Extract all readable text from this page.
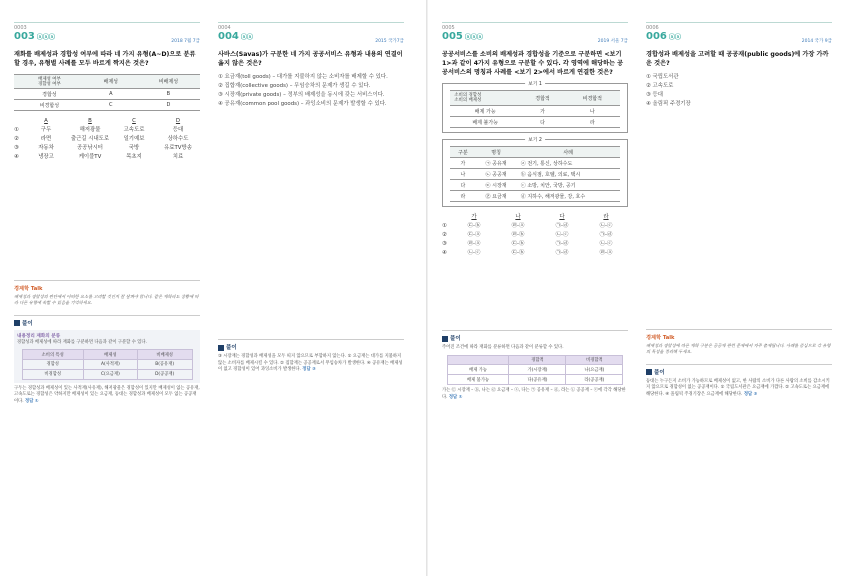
0003
003 ⓐⓐⓐ
2018 7월 7급
재화를 배제성과 경합성 여부에 따라 네 가지 유형(A~D)으로 분류할 경우, 유형별 사례를 모두 바르게 짝지은 것은?
배제성 여부
경합성 여부	배제성	비배제성
경합성	A	B
비경합성	C	D
A	B	C	D
①	구두	해저광물	고속도로	등대
②	라면	출근길 시내도로	일기예보	상하수도
③	자동차	공공낚시터	국방	유료TV방송
④	냉장고	케이블TV	목초지	치료
경제학 Talk
배제성과 경합성의 판단에서 어떠한 요소를 고려할 것인지 잘 살펴야 합니다. 같은 재화라도 상황에 따라 다른 유형에 속할 수 있음을 기억하세요.
풀이
내용정리 재화의 분류
경합성과 배제성에 따라 재화를 구분하면 다음과 같이 구분할 수 있다.
소비의 특성	배제성	비배제성
경합성	A(사적재)	B(공유재)
비경합성	C(요금재)	D(공공재)
구두는 경합성과 배제성이 있는 사적재(사유재), 해저광물은 경합성이 있지만 배제성이 없는 공유재, 고속도로는 경합성은 약하지만 배제성이 있는 요금재, 등대는 경합성과 배제성이 모두 없는 공공재이다. 정답 ①
0004
004 ⓐⓐ
2015 국가7급
사바스(Savas)가 구분한 네 가지 공공서비스 유형과 내용의 연결이 옳지 않은 것은?
① 요금재(toll goods) – 대가를 지불하지 않는 소비자를 배제할 수 있다.
② 집합재(collective goods) – 무임승차의 문제가 생길 수 있다.
③ 시장재(private goods) – 정부의 배제성을 동시에 갖는 서비스이다.
④ 공유재(common pool goods) – 과잉소비의 문제가 발생할 수 있다.
풀이
③ 시장재는 경합성과 배제성을 모두 띠지 않으므로 부합하지 않는다. ① 요금재는 대가를 지불하지 않는 소비자를 배제시킬 수 있다. ② 집합재는 공공재로서 무임승차가 발생한다. ④ 공유재는 배제성이 없고 경합성이 있어 과잉소비가 발생한다. 정답 ③
0005
005 ⓐⓐⓐ
2019 서울 7급
공공서비스를 소비의 배제성과 경합성을 기준으로 구분하면 <보기 1>과 같이 4가지 유형으로 구분할 수 있다. 각 영역에 해당하는 공공서비스의 명칭과 사례를 <보기 2>에서 바르게 연결한 것은?
보기 1
소비의 경합성
소비의 배제성	경합적	비경합적
배제 가능	가	나
배제 불가능	다	라
보기 2
구분	명칭	사례
가	㉠ 공유재	ⓐ 전기, 통신, 상하수도
나	㉡ 공공재	ⓑ 음식점, 호텔, 의료, 택시
다	㉢ 시장재	ⓒ 소방, 치안, 국방, 공기
라	㉣ 요금재	ⓓ 지하수, 해저광물, 강, 호수
가	나	다	라
①	㉢-ⓑ	㉣-ⓐ	㉠-ⓓ	㉡-ⓒ
②	㉢-ⓐ	㉣-ⓑ	㉡-ⓒ	㉠-ⓓ
③	㉣-ⓐ	㉢-ⓑ	㉠-ⓓ	㉡-ⓒ
④	㉡-ⓒ	㉢-ⓑ	㉠-ⓓ	㉣-ⓐ
풀이
주어진 조건에 따라 재화를 분류하면 다음과 같이 분류할 수 있다.
	경합적	비경합적
배제 가능	가(시장재)	나(요금재)
배제 불가능	다(공유재)	라(공공재)
가는 ㉢ 시장재 – ⓑ, 나는 ㉣ 요금재 – ⓐ, 다는 ㉠ 공유재 – ⓓ, 라는 ㉡ 공공재 – ⓒ에 각각 해당한다. 정답 ①
0006
006 ⓐⓐ
2014 국가 9급
경합성과 배제성을 고려할 때 공공재(public goods)에 가장 가까운 것은?
① 국립도서관
② 고속도로
③ 등대
④ 올림픽 주경기장
경제학 Talk
배제성과 경합성에 따른 재화 구분은 공공재 관련 문제에서 자주 출제됩니다. 사례를 중심으로 각 유형의 특성을 정리해 두세요.
풀이
등대는 누구든지 소비가 가능하므로 배제성이 없고, 한 사람의 소비가 다른 사람의 소비를 감소시키지 않으므로 경합성이 없는 공공재이다. ① 국립도서관은 요금재에 가깝다. ② 고속도로는 요금재에 해당한다. ④ 올림픽 주경기장은 요금재에 해당한다. 정답 ③
